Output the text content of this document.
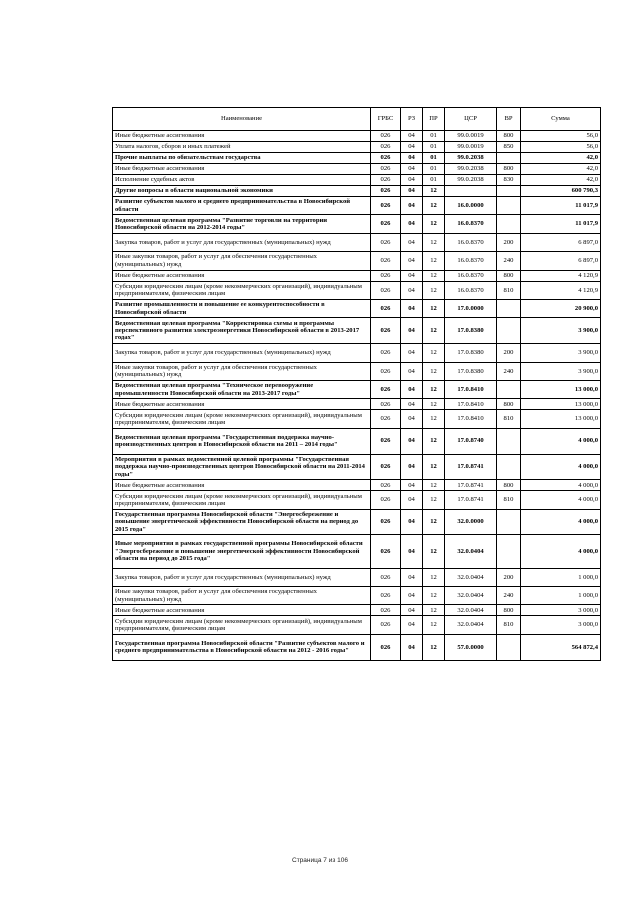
Наименование	ГРБС	РЗ	ПР	ЦСР	ВР	Сумма
Иные бюджетные ассигнования	026	04	01	99.0.0019	800	56,0
Уплата налогов, сборов и иных платежей	026	04	01	99.0.0019	850	56,0
Прочие выплаты по обязательствам государства	026	04	01	99.0.2038		42,0
Иные бюджетные ассигнования	026	04	01	99.0.2038	800	42,0
Исполнение судебных актов	026	04	01	99.0.2038	830	42,0
Другие вопросы в области национальной экономики	026	04	12			600 790,3
Развитие субъектов малого и среднего предпринимательства в Новосибирской области	026	04	12	16.0.0000		11 017,9
Ведомственная целевая программа "Развитие торговли на территории Новосибирской области на 2012-2014 годы"	026	04	12	16.0.8370		11 017,9
Закупка товаров, работ и услуг для государственных (муниципальных) нужд	026	04	12	16.0.8370	200	6 897,0
Иные закупки товаров, работ и услуг для обеспечения государственных (муниципальных) нужд	026	04	12	16.0.8370	240	6 897,0
Иные бюджетные ассигнования	026	04	12	16.0.8370	800	4 120,9
Субсидии юридическим лицам (кроме некоммерческих организаций), индивидуальным предпринимателям, физическим лицам	026	04	12	16.0.8370	810	4 120,9
Развитие промышленности и повышение ее конкурентоспособности в Новосибирской области	026	04	12	17.0.0000		20 900,0
Ведомственная целевая программа "Корректировка схемы и программы перспективного развития электроэнергетики Новосибирской области в 2013-2017 годах"	026	04	12	17.0.8380		3 900,0
Закупка товаров, работ и услуг для государственных (муниципальных) нужд	026	04	12	17.0.8380	200	3 900,0
Иные закупки товаров, работ и услуг для обеспечения государственных (муниципальных) нужд	026	04	12	17.0.8380	240	3 900,0
Ведомственная целевая программа "Техническое перевооружение промышленности Новосибирской области на 2013-2017 годы"	026	04	12	17.0.8410		13 000,0
Иные бюджетные ассигнования	026	04	12	17.0.8410	800	13 000,0
Субсидии юридическим лицам (кроме некоммерческих организаций), индивидуальным предпринимателям, физическим лицам	026	04	12	17.0.8410	810	13 000,0
Ведомственная целевая программа "Государственная поддержка научно-производственных центров в Новосибирской области на 2011 – 2014 годы"	026	04	12	17.0.8740		4 000,0
Мероприятия в рамках ведомственной целевой программы "Государственная поддержка научно-производственных центров Новосибирской области на 2011-2014 годы"	026	04	12	17.0.8741		4 000,0
Иные бюджетные ассигнования	026	04	12	17.0.8741	800	4 000,0
Субсидии юридическим лицам (кроме некоммерческих организаций), индивидуальным предпринимателям, физическим лицам	026	04	12	17.0.8741	810	4 000,0
Государственная программа Новосибирской области "Энергосбережение и повышение энергетической эффективности Новосибирской области на период до 2015 года"	026	04	12	32.0.0000		4 000,0
Иные мероприятия в рамках государственной программы Новосибирской области "Энергосбережение и повышение энергетической эффективности Новосибирской области на период до 2015 года"	026	04	12	32.0.0404		4 000,0
Закупка товаров, работ и услуг для государственных (муниципальных) нужд	026	04	12	32.0.0404	200	1 000,0
Иные закупки товаров, работ и услуг для обеспечения государственных (муниципальных) нужд	026	04	12	32.0.0404	240	1 000,0
Иные бюджетные ассигнования	026	04	12	32.0.0404	800	3 000,0
Субсидии юридическим лицам (кроме некоммерческих организаций), индивидуальным предпринимателям, физическим лицам	026	04	12	32.0.0404	810	3 000,0
Государственная программа Новосибирской области "Развитие субъектов малого и среднего предпринимательства в Новосибирской области на 2012 - 2016 годы"	026	04	12	57.0.0000		564 872,4
Страница 7 из 106
